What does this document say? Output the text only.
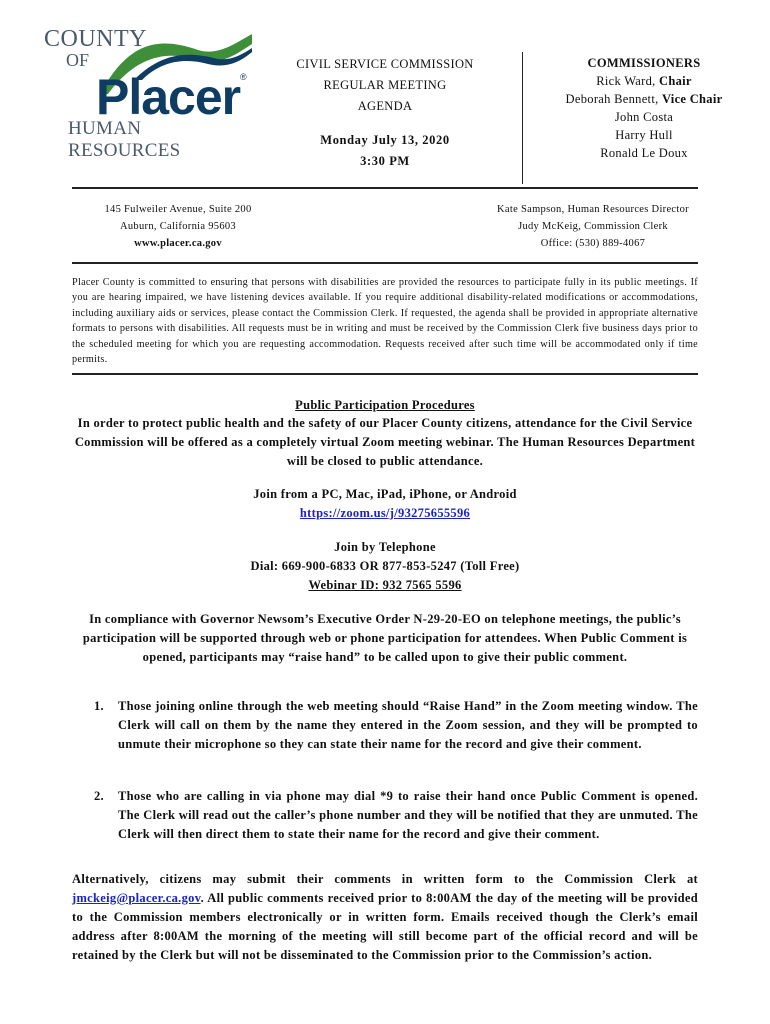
COUNTY
OF
Placer ®
HUMAN RESOURCES
CIVIL SERVICE COMMISSION
REGULAR MEETING
AGENDA
Monday July 13, 2020
3:30 PM
COMMISSIONERS
Rick Ward, Chair
Deborah Bennett, Vice Chair
John Costa
Harry Hull
Ronald Le Doux
145 Fulweiler Avenue, Suite 200
Auburn, California 95603
www.placer.ca.gov
Kate Sampson, Human Resources Director
Judy McKeig, Commission Clerk
Office: (530) 889-4067
Placer County is committed to ensuring that persons with disabilities are provided the resources to participate fully in its public meetings. If you are hearing impaired, we have listening devices available. If you require additional disability-related modifications or accommodations, including auxiliary aids or services, please contact the Commission Clerk. If requested, the agenda shall be provided in appropriate alternative formats to persons with disabilities. All requests must be in writing and must be received by the Commission Clerk five business days prior to the scheduled meeting for which you are requesting accommodation. Requests received after such time will be accommodated only if time permits.
Public Participation Procedures
In order to protect public health and the safety of our Placer County citizens, attendance for the Civil Service Commission will be offered as a completely virtual Zoom meeting webinar. The Human Resources Department will be closed to public attendance.
Join from a PC, Mac, iPad, iPhone, or Android
https://zoom.us/j/93275655596
Join by Telephone
Dial: 669-900-6833 OR 877-853-5247 (Toll Free)
Webinar ID: 932 7565 5596
In compliance with Governor Newsom’s Executive Order N-29-20-EO on telephone meetings, the public’s participation will be supported through web or phone participation for attendees. When Public Comment is opened, participants may “raise hand” to be called upon to give their public comment.
1. Those joining online through the web meeting should “Raise Hand” in the Zoom meeting window. The Clerk will call on them by the name they entered in the Zoom session, and they will be prompted to unmute their microphone so they can state their name for the record and give their comment.
2. Those who are calling in via phone may dial *9 to raise their hand once Public Comment is opened. The Clerk will read out the caller’s phone number and they will be notified that they are unmuted. The Clerk will then direct them to state their name for the record and give their comment.
Alternatively, citizens may submit their comments in written form to the Commission Clerk at jmckeig@placer.ca.gov. All public comments received prior to 8:00AM the day of the meeting will be provided to the Commission members electronically or in written form. Emails received though the Clerk’s email address after 8:00AM the morning of the meeting will still become part of the official record and will be retained by the Clerk but will not be disseminated to the Commission prior to the Commission’s action.
